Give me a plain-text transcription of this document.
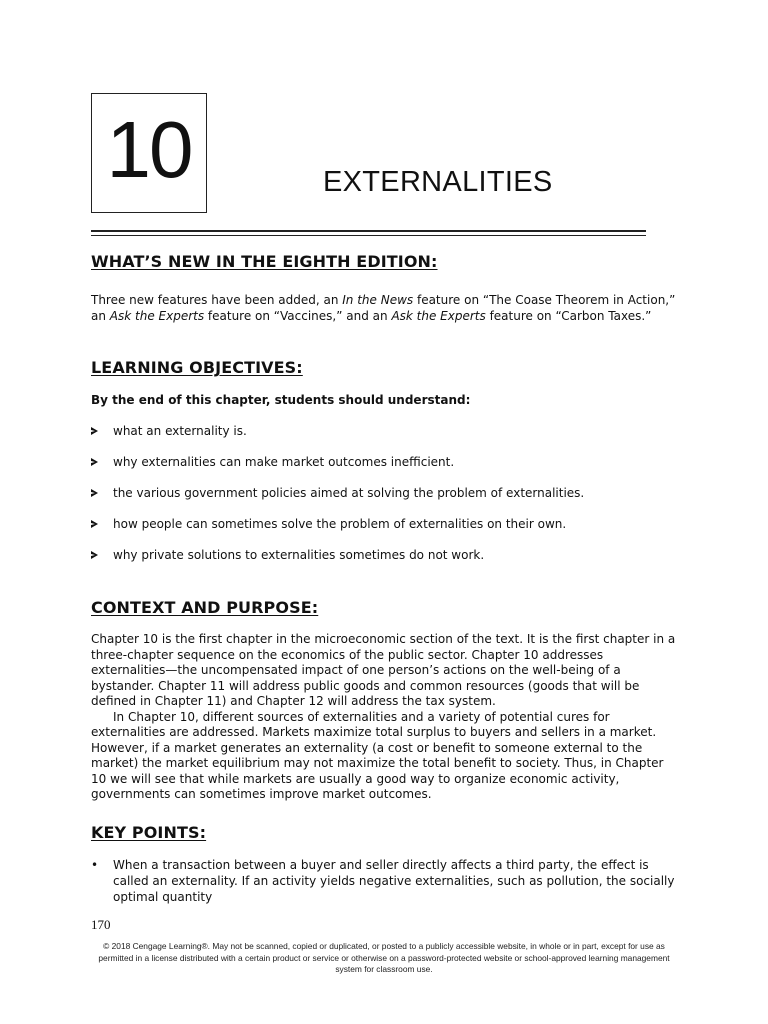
10	EXTERNALITIES
WHAT’S NEW IN THE EIGHTH EDITION:

Three new features have been added, an In the News feature on “The Coase Theorem in Action,” an Ask the Experts feature on “Vaccines,” and an Ask the Experts feature on “Carbon Taxes.”

LEARNING OBJECTIVES:

By the end of this chapter, students should understand:

what an externality is.
why externalities can make market outcomes inefficient.
the various government policies aimed at solving the problem of externalities.
how people can sometimes solve the problem of externalities on their own.
why private solutions to externalities sometimes do not work.
CONTEXT AND PURPOSE:

Chapter 10 is the first chapter in the microeconomic section of the text. It is the first chapter in a three-chapter sequence on the economics of the public sector. Chapter 10 addresses externalities—the uncompensated impact of one person’s actions on the well-being of a bystander. Chapter 11 will address public goods and common resources (goods that will be defined in Chapter 11) and Chapter 12 will address the tax system.
In Chapter 10, different sources of externalities and a variety of potential cures for externalities are addressed. Markets maximize total surplus to buyers and sellers in a market. However, if a market generates an externality (a cost or benefit to someone external to the market) the market equilibrium may not maximize the total benefit to society. Thus, in Chapter 10 we will see that while markets are usually a good way to organize economic activity, governments can sometimes improve market outcomes.

KEY POINTS:

• When a transaction between a buyer and seller directly affects a third party, the effect is called an externality. If an activity yields negative externalities, such as pollution, the socially optimal quantity

170
© 2018 Cengage Learning®. May not be scanned, copied or duplicated, or posted to a publicly accessible website, in whole or in part, except for use as permitted in a license distributed with a certain product or service or otherwise on a password-protected website or school-approved learning management system for classroom use.
